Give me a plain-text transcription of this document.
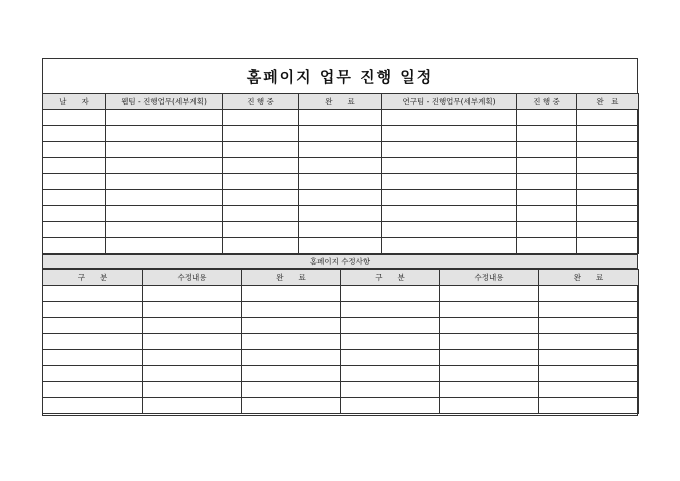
홈페이지 업무 진행 일정
날　　자	웹팀 - 진행업무(세부계획)	진 행 중	완　　료	연구팀 - 진행업무(세부계획)	진 행 중	완　료

홈페이지 수정사항
구　　분	수정내용	완　　료	구　　분	수정내용	완　　료
